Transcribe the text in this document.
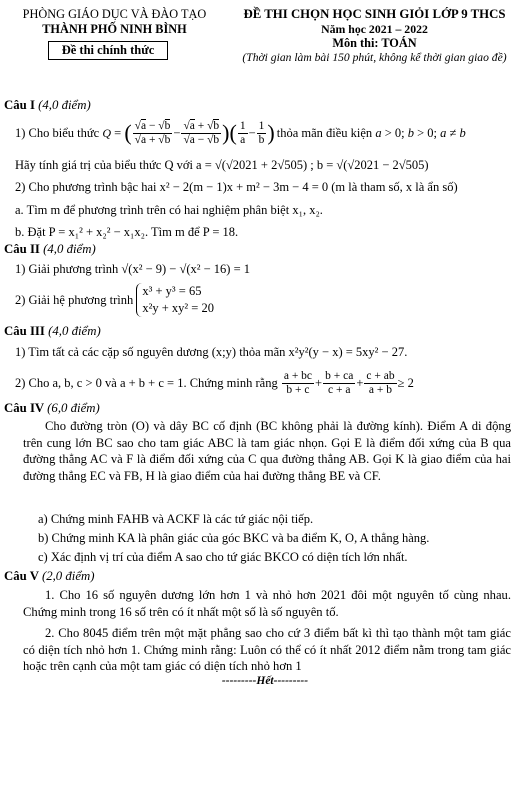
PHÒNG GIÁO DỤC VÀ ĐÀO TẠO
THÀNH PHỐ NINH BÌNH
Đề thi chính thức
ĐỀ THI CHỌN HỌC SINH GIỎI LỚP 9 THCS
Năm học 2021 – 2022
Môn thi: TOÁN
(Thời gian làm bài 150 phút, không kể thời gian giao đề)
Câu I (4,0 điểm)
1) Cho biểu thức
Q = ( $\frac{√a - √b}{√a + √b} - \frac{√a + √b}{√a - √b}$ ) ( $\frac{1}{a} - \frac{1}{b}$ ) thỏa mãn điều kiện a > 0; b > 0; a ≠ b
Hãy tính giá trị của biểu thức Q với a = √(√2021 + 2√505) ; b = √(√2021 − 2√505)
2) Cho phương trình bậc hai x² − 2(m − 1)x + m² − 3m − 4 = 0 (m là tham số, x là ẩn số)
a. Tìm m để phương trình trên có hai nghiệm phân biệt x₁, x₂.
b. Đặt P = x₁² + x₂² − x₁x₂. Tìm m để P = 18.
Câu II (4,0 điểm)
1) Giải phương trình √(x² − 9) − √(x² − 16) = 1
2) Giải hệ phương trình

x³ + y³ = 65
x²y + xy² = 20
Câu III (4,0 điểm)
1) Tìm tất cả các cặp số nguyên dương (x;y) thỏa mãn x²y²(y − x) = 5xy² − 27.
2) Cho a, b, c > 0 và a + b + c = 1. Chứng minh rằng
$\frac{a + bc}{b + c} + \frac{b + ca}{c + a} + \frac{c + ab}{a + b} \ge 2$
Câu IV (6,0 điểm)
Cho đường tròn (O) và dây BC cố định (BC không phải là đường kính). Điểm A di động trên cung lớn BC sao cho tam giác ABC là tam giác nhọn. Gọi E là điểm đối xứng của B qua đường thẳng AC và F là điểm đối xứng của C qua đường thẳng AB. Gọi K là giao điểm của hai đường thẳng EC và FB, H là giao điểm của hai đường thẳng BE và CF.
a) Chứng minh FAHB và ACKF là các tứ giác nội tiếp.
b) Chứng minh KA là phân giác của góc BKC và ba điểm K, O, A thẳng hàng.
c) Xác định vị trí của điểm A sao cho tứ giác BKCO có diện tích lớn nhất.
Câu V (2,0 điểm)
1. Cho 16 số nguyên dương lớn hơn 1 và nhỏ hơn 2021 đôi một nguyên tố cùng nhau. Chứng minh trong 16 số trên có ít nhất một số là số nguyên tố.
2. Cho 8045 điểm trên một mặt phẳng sao cho cứ 3 điểm bất kì thì tạo thành một tam giác có diện tích nhỏ hơn 1. Chứng minh rằng: Luôn có thể có ít nhất 2012 điểm nằm trong tam giác hoặc trên cạnh của một tam giác có diện tích nhỏ hơn 1
---------Hết---------
